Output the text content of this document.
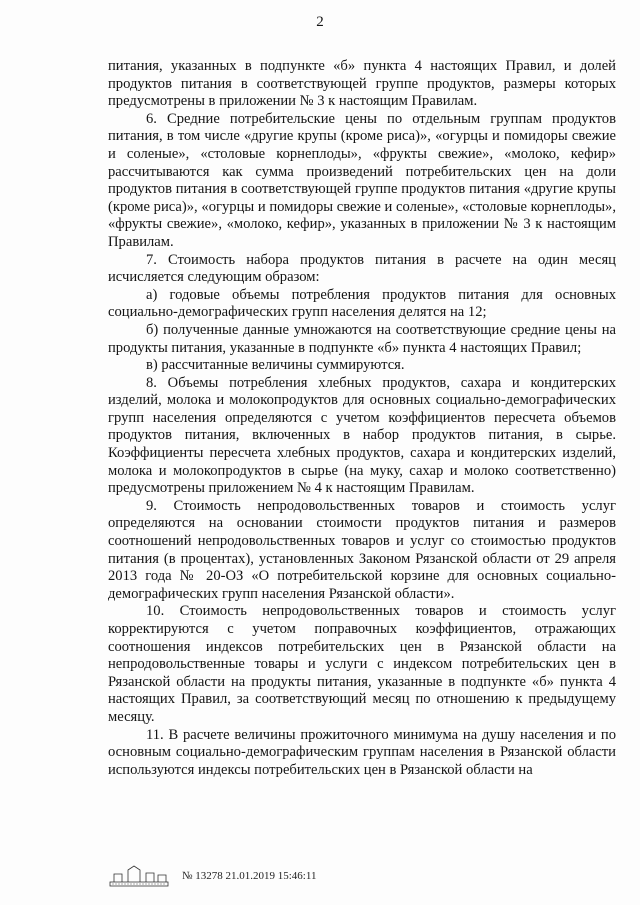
2

питания, указанных в подпункте «б» пункта 4 настоящих Правил, и долей продуктов питания в соответствующей группе продуктов, размеры которых предусмотрены в приложении № 3 к настоящим Правилам.

6. Средние потребительские цены по отдельным группам продуктов питания, в том числе «другие крупы (кроме риса)», «огурцы и помидоры свежие и соленые», «столовые корнеплоды», «фрукты свежие», «молоко, кефир» рассчитываются как сумма произведений потребительских цен на доли продуктов питания в соответствующей группе продуктов питания «другие крупы (кроме риса)», «огурцы и помидоры свежие и соленые», «столовые корнеплоды», «фрукты свежие», «молоко, кефир», указанных в приложении № 3 к настоящим Правилам.

7. Стоимость набора продуктов питания в расчете на один месяц исчисляется следующим образом:

а) годовые объемы потребления продуктов питания для основных социально-демографических групп населения делятся на 12;

б) полученные данные умножаются на соответствующие средние цены на продукты питания, указанные в подпункте «б» пункта 4 настоящих Правил;

в) рассчитанные величины суммируются.

8. Объемы потребления хлебных продуктов, сахара и кондитерских изделий, молока и молокопродуктов для основных социально-демографических групп населения определяются с учетом коэффициентов пересчета объемов продуктов питания, включенных в набор продуктов питания, в сырье. Коэффициенты пересчета хлебных продуктов, сахара и кондитерских изделий, молока и молокопродуктов в сырье (на муку, сахар и молоко соответственно) предусмотрены приложением № 4 к настоящим Правилам.

9. Стоимость непродовольственных товаров и стоимость услуг определяются на основании стоимости продуктов питания и размеров соотношений непродовольственных товаров и услуг со стоимостью продуктов питания (в процентах), установленных Законом Рязанской области от 29 апреля 2013 года № 20-ОЗ «О потребительской корзине для основных социально-демографических групп населения Рязанской области».

10. Стоимость непродовольственных товаров и стоимость услуг корректируются с учетом поправочных коэффициентов, отражающих соотношения индексов потребительских цен в Рязанской области на непродовольственные товары и услуги с индексом потребительских цен в Рязанской области на продукты питания, указанные в подпункте «б» пункта 4 настоящих Правил, за соответствующий месяц по отношению к предыдущему месяцу.

11. В расчете величины прожиточного минимума на душу населения и по основным социально-демографическим группам населения в Рязанской области используются индексы потребительских цен в Рязанской области на

№ 13278 21.01.2019 15:46:11
